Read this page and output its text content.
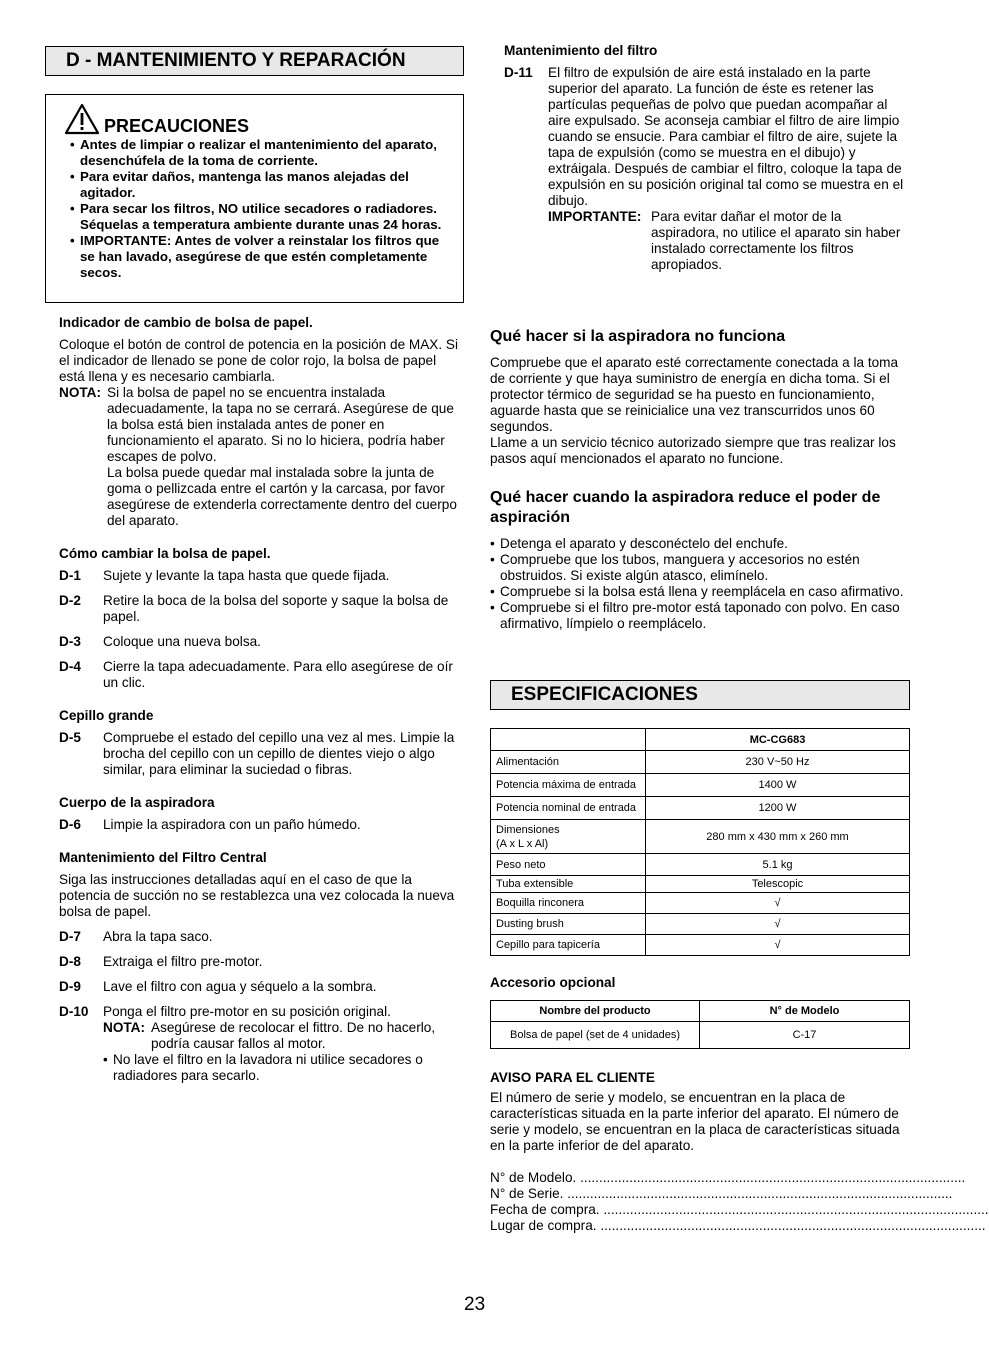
D - MANTENIMIENTO Y REPARACIÓN
PRECAUCIONES
• Antes de limpiar o realizar el mantenimiento del aparato, desenchúfela de la toma de corriente.
• Para evitar daños, mantenga las manos alejadas del agitador.
• Para secar los filtros, NO utilice secadores o radiadores. Séquelas a temperatura ambiente durante unas 24 horas.
• IMPORTANTE: Antes de volver a reinstalar los filtros que se han lavado, asegúrese de que estén completamente secos.
Indicador de cambio de bolsa de papel.
Coloque el botón de control de potencia en la posición de MAX. Si el indicador de llenado se pone de color rojo, la bolsa de papel está llena y es necesario cambiarla.
NOTA: Si la bolsa de papel no se encuentra instalada adecuadamente, la tapa no se cerrará. Asegúrese de que la bolsa está bien instalada antes de poner en funcionamiento el aparato. Si no lo hiciera, podría haber escapes de polvo.
La bolsa puede quedar mal instalada sobre la junta de goma o pellizcada entre el cartón y la carcasa, por favor asegúrese de extenderla correctamente dentro del cuerpo del aparato.
Cómo cambiar la bolsa de papel.
D-1 Sujete y levante la tapa hasta que quede fijada.
D-2 Retire la boca de la bolsa del soporte y saque la bolsa de papel.
D-3 Coloque una nueva bolsa.
D-4 Cierre la tapa adecuadamente. Para ello asegúrese de oír un clic.
Cepillo grande
D-5 Compruebe el estado del cepillo una vez al mes. Limpie la brocha del cepillo con un cepillo de dientes viejo o algo similar, para eliminar la suciedad o fibras.
Cuerpo de la aspiradora
D-6 Limpie la aspiradora con un paño húmedo.
Mantenimiento del Filtro Central
Siga las instrucciones detalladas aquí en el caso de que la potencia de succión no se restablezca una vez colocada la nueva bolsa de papel.
D-7 Abra la tapa saco.
D-8 Extraiga el filtro pre-motor.
D-9 Lave el filtro con agua y séquelo a la sombra.
D-10 Ponga el filtro pre-motor en su posición original.
NOTA: Asegúrese de recolocar el fittro. De no hacerlo, podría causar fallos al motor.
• No lave el filtro en la lavadora ni utilice secadores o radiadores para secarlo.
Mantenimiento del filtro
D-11 El filtro de expulsión de aire está instalado en la parte superior del aparato. La función de éste es retener las partículas pequeñas de polvo que puedan acompañar al aire expulsado. Se aconseja cambiar el filtro de aire limpio cuando se ensucie. Para cambiar el filtro de aire, sujete la tapa de expulsión (como se muestra en el dibujo) y extráigala. Después de cambiar el filtro, coloque la tapa de expulsión en su posición original tal como se muestra en el dibujo.
IMPORTANTE: Para evitar dañar el motor de la aspiradora, no utilice el aparato sin haber instalado correctamente los filtros apropiados.
Qué hacer si la aspiradora no funciona
Compruebe que el aparato esté correctamente conectada a la toma de corriente y que haya suministro de energía en dicha toma. Si el protector térmico de seguridad se ha puesto en funcionamiento, aguarde hasta que se reinicialice una vez transcurridos unos 60 segundos.
Llame a un servicio técnico autorizado siempre que tras realizar los pasos aquí mencionados el aparato no funcione.
Qué hacer cuando la aspiradora reduce el poder de aspiración
• Detenga el aparato y desconéctelo del enchufe.
• Compruebe que los tubos, manguera y accesorios no estén obstruidos. Si existe algún atasco, elimínelo.
• Compruebe si la bolsa está llena y reemplácela en caso afirmativo.
• Compruebe si el filtro pre-motor está taponado con polvo. En caso afirmativo, límpielo o reemplácelo.
ESPECIFICACIONES
	MC-CG683
Alimentación	230 V~50 Hz
Potencia máxima de entrada	1400 W
Potencia nominal de entrada	1200 W

Dimensiones
(A x L x Al)	280 mm x 430 mm x 260 mm
Peso neto	5.1 kg
Tuba extensible	Telescopic
Boquilla rinconera	√
Dusting brush	√
Cepillo para tapicería	√
Accesorio opcional
Nombre del producto	N° de Modelo
Bolsa de papel (set de 4 unidades)	C-17
AVISO PARA EL CLIENTE
El número de serie y modelo, se encuentran en la placa de características situada en la parte inferior del aparato. El número de serie y modelo, se encuentran en la placa de características situada en la parte inferior de del aparato.
N° de Modelo. ......................................................................................................
N° de Serie. ......................................................................................................
Fecha de compra. ......................................................................................................
Lugar de compra. ......................................................................................................
23
